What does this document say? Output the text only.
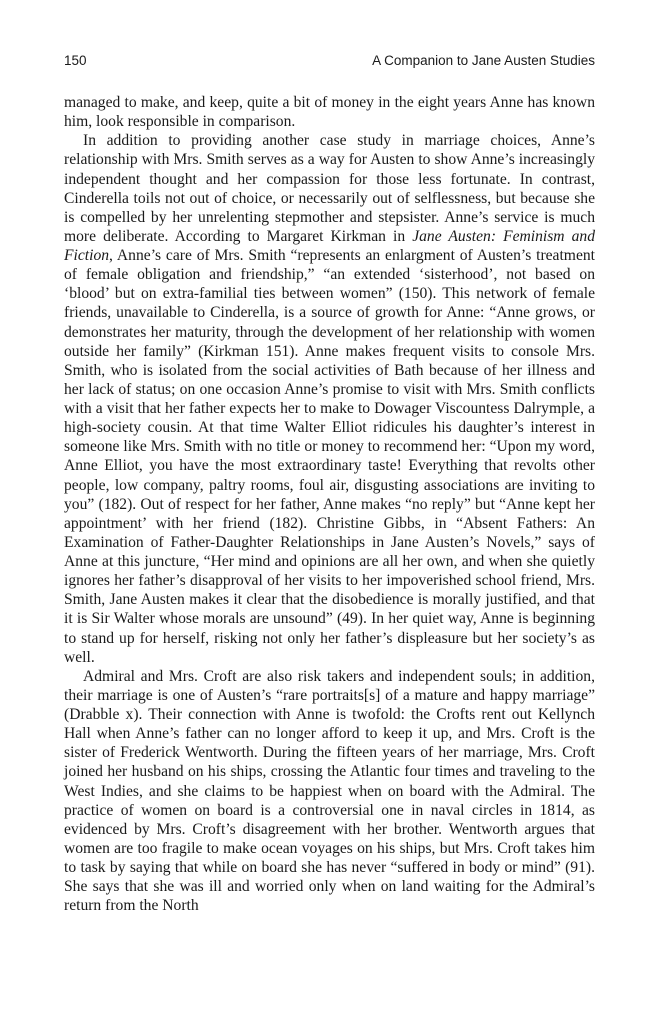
150	A Companion to Jane Austen Studies

managed to make, and keep, quite a bit of money in the eight years Anne has known him, look responsible in comparison.

In addition to providing another case study in marriage choices, Anne’s relationship with Mrs. Smith serves as a way for Austen to show Anne’s increasingly independent thought and her compassion for those less fortunate. In contrast, Cinderella toils not out of choice, or necessarily out of selflessness, but because she is compelled by her unrelenting stepmother and stepsister. Anne’s service is much more deliberate. According to Margaret Kirkman in Jane Austen: Feminism and Fiction, Anne’s care of Mrs. Smith “represents an enlargment of Austen’s treatment of female obligation and friendship,” “an extended ‘sisterhood’, not based on ‘blood’ but on extra-familial ties between women” (150). This network of female friends, unavailable to Cinderella, is a source of growth for Anne: “Anne grows, or demonstrates her maturity, through the development of her relationship with women outside her family” (Kirkman 151). Anne makes frequent visits to console Mrs. Smith, who is isolated from the social activities of Bath because of her illness and her lack of status; on one occasion Anne’s promise to visit with Mrs. Smith conflicts with a visit that her father expects her to make to Dowager Viscountess Dalrymple, a high-society cousin. At that time Walter Elliot ridicules his daughter’s interest in someone like Mrs. Smith with no title or money to recommend her: “Upon my word, Anne Elliot, you have the most extraordinary taste! Everything that revolts other people, low company, paltry rooms, foul air, disgusting associations are inviting to you” (182). Out of respect for her father, Anne makes “no reply” but “Anne kept her appointment’ with her friend (182). Christine Gibbs, in “Absent Fathers: An Examination of Father-Daughter Relationships in Jane Austen’s Novels,” says of Anne at this juncture, “Her mind and opinions are all her own, and when she quietly ignores her father’s disapproval of her visits to her impoverished school friend, Mrs. Smith, Jane Austen makes it clear that the disobedience is morally justified, and that it is Sir Walter whose morals are unsound” (49). In her quiet way, Anne is beginning to stand up for herself, risking not only her father’s displeasure but her society’s as well.

Admiral and Mrs. Croft are also risk takers and independent souls; in addition, their marriage is one of Austen’s “rare portraits[s] of a mature and happy marriage” (Drabble x). Their connection with Anne is twofold: the Crofts rent out Kellynch Hall when Anne’s father can no longer afford to keep it up, and Mrs. Croft is the sister of Frederick Wentworth. During the fifteen years of her marriage, Mrs. Croft joined her husband on his ships, crossing the Atlantic four times and traveling to the West Indies, and she claims to be happiest when on board with the Admiral. The practice of women on board is a controversial one in naval circles in 1814, as evidenced by Mrs. Croft’s disagreement with her brother. Wentworth argues that women are too fragile to make ocean voyages on his ships, but Mrs. Croft takes him to task by saying that while on board she has never “suffered in body or mind” (91). She says that she was ill and worried only when on land waiting for the Admiral’s return from the North
